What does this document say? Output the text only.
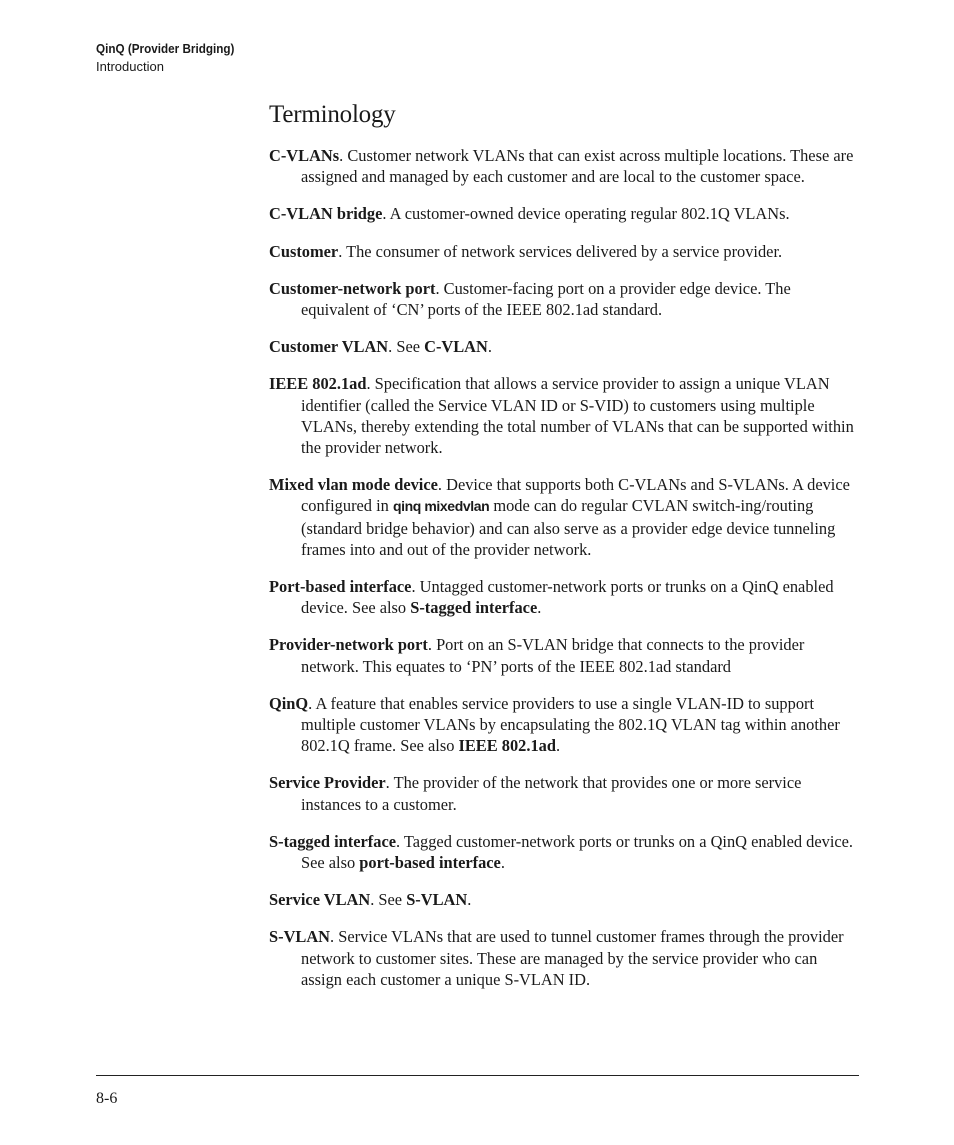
QinQ (Provider Bridging)
Introduction
Terminology

C-VLANs. Customer network VLANs that can exist across multiple locations. These are assigned and managed by each customer and are local to the customer space.

C-VLAN bridge. A customer-owned device operating regular 802.1Q VLANs.

Customer. The consumer of network services delivered by a service provider.

Customer-network port. Customer-facing port on a provider edge device. The equivalent of ‘CN’ ports of the IEEE 802.1ad standard.

Customer VLAN. See C-VLAN.

IEEE 802.1ad. Specification that allows a service provider to assign a unique VLAN identifier (called the Service VLAN ID or S-VID) to customers using multiple VLANs, thereby extending the total number of VLANs that can be supported within the provider network.

Mixed vlan mode device. Device that supports both C-VLANs and S-VLANs. A device configured in qinq mixedvlan mode can do regular CVLAN switch-ing/routing (standard bridge behavior) and can also serve as a provider edge device tunneling frames into and out of the provider network.

Port-based interface. Untagged customer-network ports or trunks on a QinQ enabled device. See also S-tagged interface.

Provider-network port. Port on an S-VLAN bridge that connects to the provider network. This equates to ‘PN’ ports of the IEEE 802.1ad standard

QinQ. A feature that enables service providers to use a single VLAN-ID to support multiple customer VLANs by encapsulating the 802.1Q VLAN tag within another 802.1Q frame. See also IEEE 802.1ad.

Service Provider. The provider of the network that provides one or more service instances to a customer.

S-tagged interface. Tagged customer-network ports or trunks on a QinQ enabled device. See also port-based interface.

Service VLAN. See S-VLAN.

S-VLAN. Service VLANs that are used to tunnel customer frames through the provider network to customer sites. These are managed by the service provider who can assign each customer a unique S-VLAN ID.

8-6
